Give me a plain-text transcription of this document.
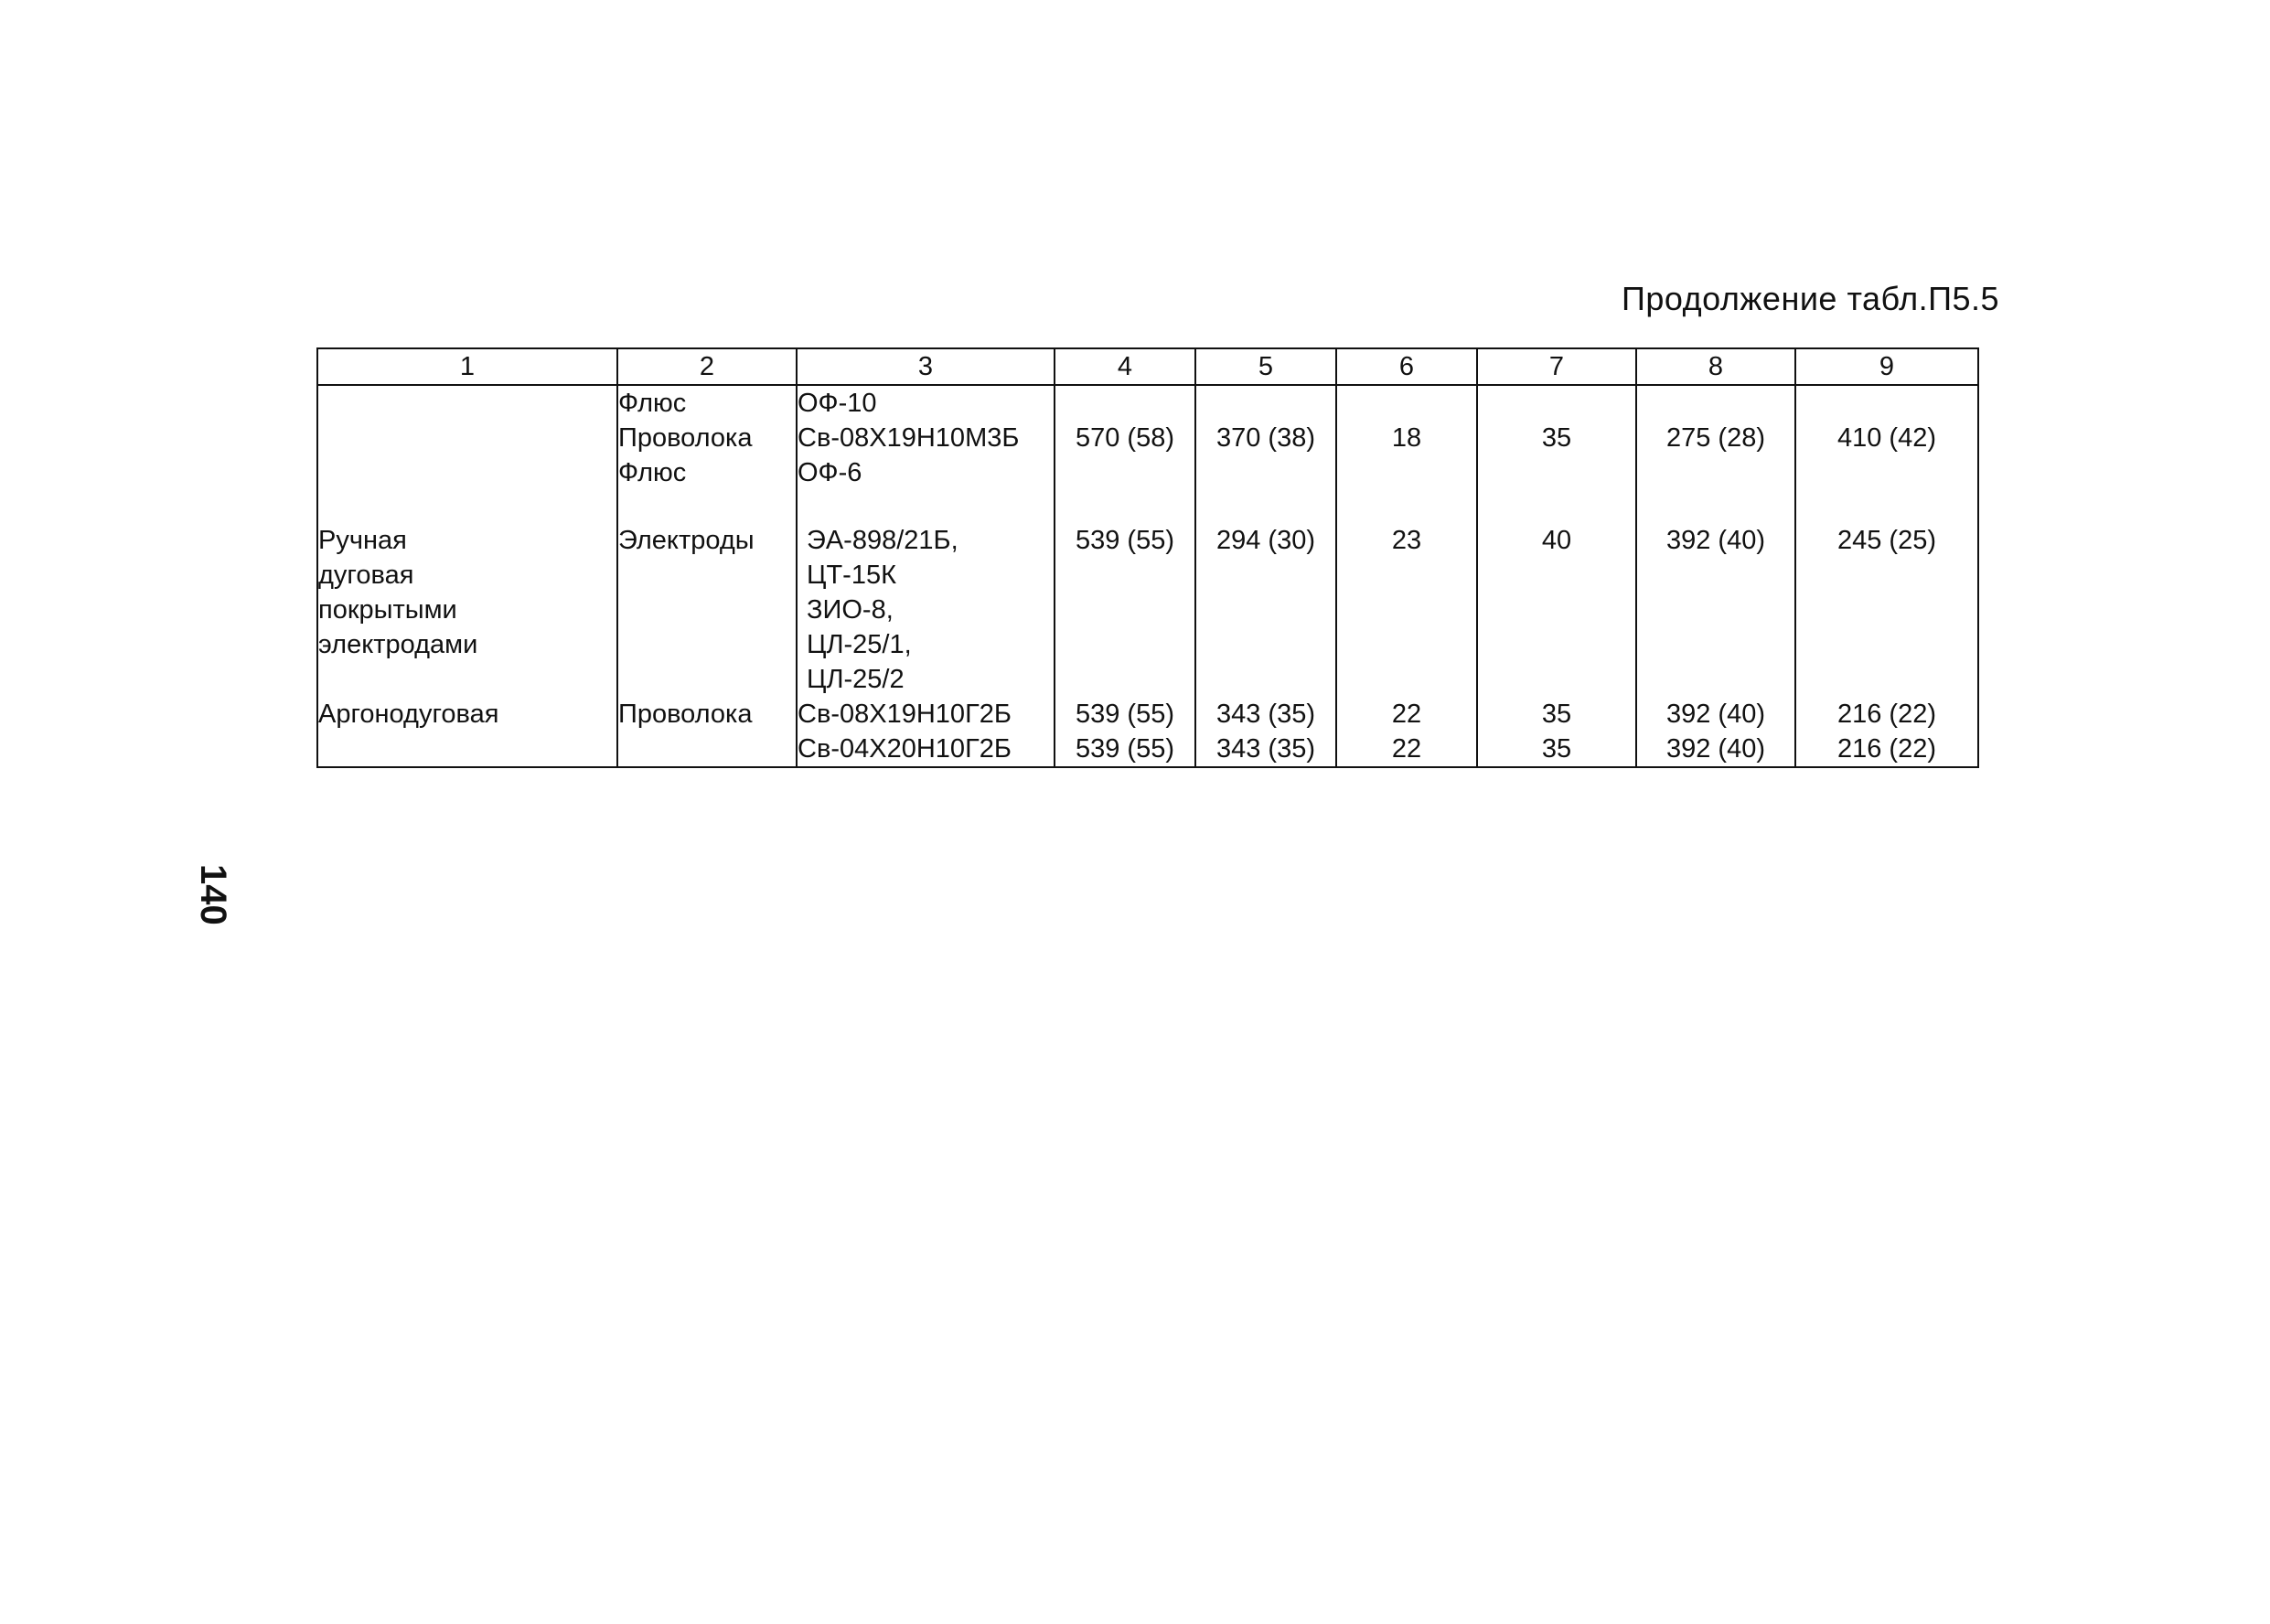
Продолжение табл.П5.5
140
1	2	3	4	5	6	7	8	9
	Флюс	ОФ-10						
	Проволока	Св-08Х19Н10М3Б	570 (58)	370 (38)	18	35	275 (28)	410 (42)
	Флюс	ОФ-6						

Ручная	Электроды	ЭА-898/21Б,	539 (55)	294 (30)	23	40	392 (40)	245 (25)
дуговая		ЦТ-15К						
покрытыми		ЗИО-8,						
электродами		ЦЛ-25/1,						
		ЦЛ-25/2						
Аргонодуговая	Проволока	Св-08Х19Н10Г2Б	539 (55)	343 (35)	22	35	392 (40)	216 (22)
		Св-04Х20Н10Г2Б	539 (55)	343 (35)	22	35	392 (40)	216 (22)
